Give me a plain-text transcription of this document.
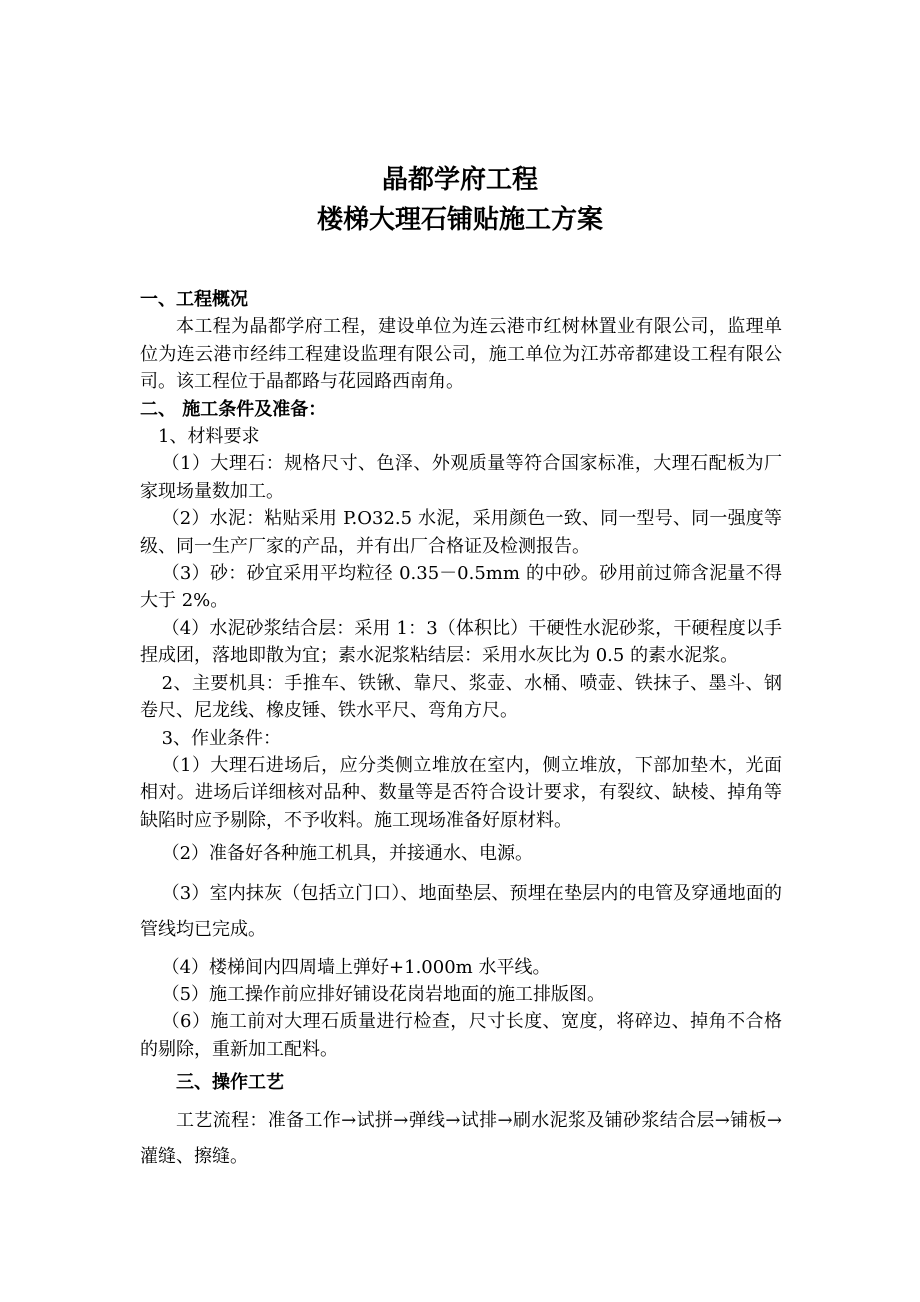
晶都学府工程
楼梯大理石铺贴施工方案

一、工程概况

本工程为晶都学府工程，建设单位为连云港市红树林置业有限公司，监理单位为连云港市经纬工程建设监理有限公司，施工单位为江苏帝都建设工程有限公司。该工程位于晶都路与花园路西南角。

二、 施工条件及准备：

1、材料要求

（1）大理石：规格尺寸、色泽、外观质量等符合国家标准，大理石配板为厂家现场量数加工。

（2）水泥：粘贴采用 P.O32.5 水泥，采用颜色一致、同一型号、同一强度等级、同一生产厂家的产品，并有出厂合格证及检测报告。

（3）砂：砂宜采用平均粒径 0.35－0.5mm 的中砂。砂用前过筛含泥量不得大于 2%。

（4）水泥砂浆结合层：采用 1：3（体积比）干硬性水泥砂浆，干硬程度以手捏成团，落地即散为宜；素水泥浆粘结层：采用水灰比为 0.5 的素水泥浆。

2、主要机具：手推车、铁锹、靠尺、浆壶、水桶、喷壶、铁抹子、墨斗、钢卷尺、尼龙线、橡皮锤、铁水平尺、弯角方尺。

3、作业条件：

（1）大理石进场后，应分类侧立堆放在室内，侧立堆放，下部加垫木，光面相对。进场后详细核对品种、数量等是否符合设计要求，有裂纹、缺棱、掉角等缺陷时应予剔除，不予收料。施工现场准备好原材料。

（2）准备好各种施工机具，并接通水、电源。

（3）室内抹灰（包括立门口）、地面垫层、预埋在垫层内的电管及穿通地面的管线均已完成。

（4）楼梯间内四周墙上弹好+1.000m 水平线。

（5）施工操作前应排好铺设花岗岩地面的施工排版图。

（6）施工前对大理石质量进行检查，尺寸长度、宽度，将碎边、掉角不合格的剔除，重新加工配料。

三、操作工艺

工艺流程：准备工作→试拼→弹线→试排→刷水泥浆及铺砂浆结合层→铺板→灌缝、擦缝。
